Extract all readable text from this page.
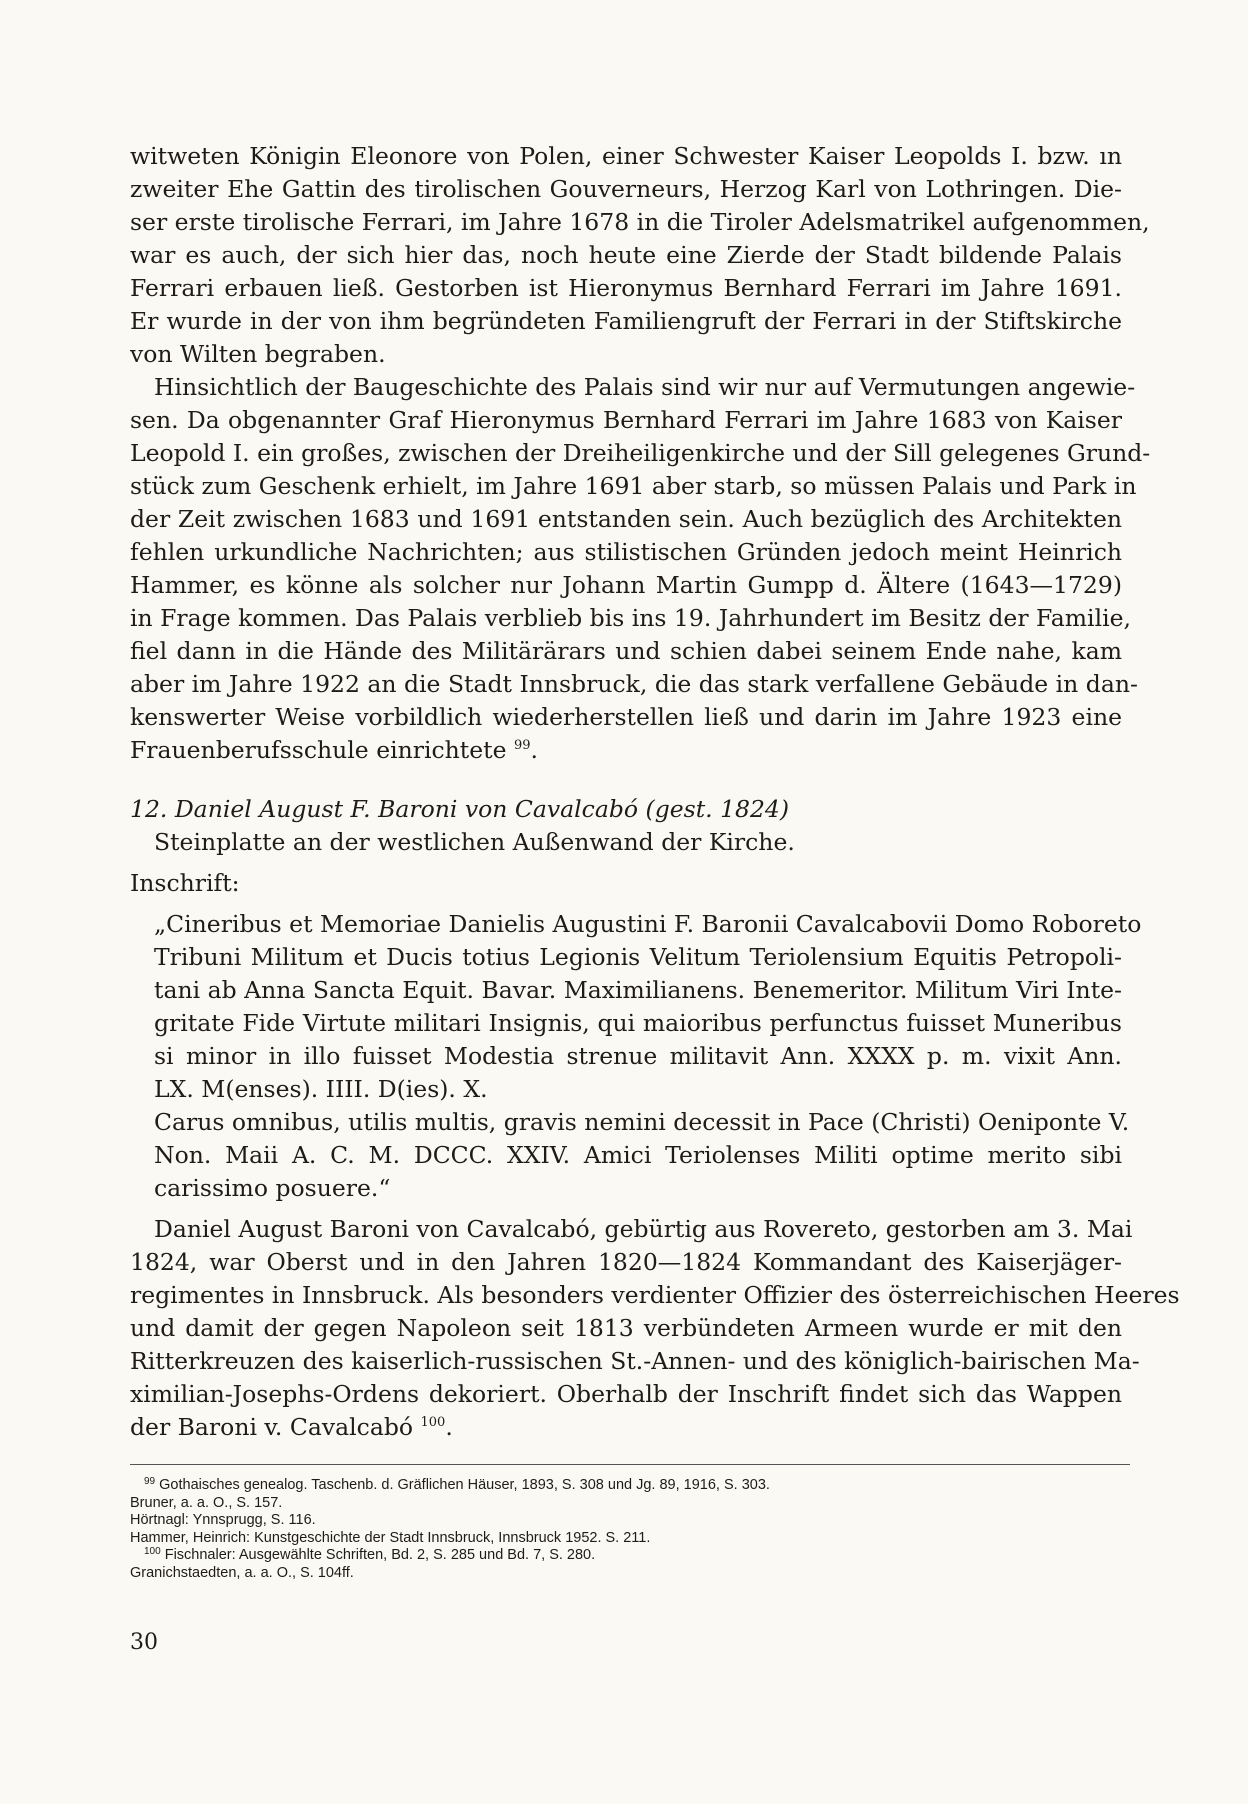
witweten Königin Eleonore von Polen, einer Schwester Kaiser Leopolds I. bzw. ın
zweiter Ehe Gattin des tirolischen Gouverneurs, Herzog Karl von Lothringen. Die-
ser erste tirolische Ferrari, im Jahre 1678 in die Tiroler Adelsmatrikel aufgenommen,
war es auch, der sich hier das, noch heute eine Zierde der Stadt bildende Palais
Ferrari erbauen ließ. Gestorben ist Hieronymus Bernhard Ferrari im Jahre 1691.
Er wurde in der von ihm begründeten Familiengruft der Ferrari in der Stiftskirche
von Wilten begraben.
Hinsichtlich der Baugeschichte des Palais sind wir nur auf Vermutungen angewie-
sen. Da obgenannter Graf Hieronymus Bernhard Ferrari im Jahre 1683 von Kaiser
Leopold I. ein großes, zwischen der Dreiheiligenkirche und der Sill gelegenes Grund-
stück zum Geschenk erhielt, im Jahre 1691 aber starb, so müssen Palais und Park in
der Zeit zwischen 1683 und 1691 entstanden sein. Auch bezüglich des Architekten
fehlen urkundliche Nachrichten; aus stilistischen Gründen jedoch meint Heinrich
Hammer, es könne als solcher nur Johann Martin Gumpp d. Ältere (1643—1729)
in Frage kommen. Das Palais verblieb bis ins 19. Jahrhundert im Besitz der Familie,
fiel dann in die Hände des Militärärars und schien dabei seinem Ende nahe, kam
aber im Jahre 1922 an die Stadt Innsbruck, die das stark verfallene Gebäude in dan-
kenswerter Weise vorbildlich wiederherstellen ließ und darin im Jahre 1923 eine
Frauenberufsschule einrichtete $^{99}$.
12. Daniel August F. Baroni von Cavalcabó (gest. 1824)
Steinplatte an der westlichen Außenwand der Kirche.
Inschrift:
„Cineribus et Memoriae Danielis Augustini F. Baronii Cavalcabovii Domo Roboreto
Tribuni Militum et Ducis totius Legionis Velitum Teriolensium Equitis Petropoli-
tani ab Anna Sancta Equit. Bavar. Maximilianens. Benemeritor. Militum Viri Inte-
gritate Fide Virtute militari Insignis, qui maioribus perfunctus fuisset Muneribus
si minor in illo fuisset Modestia strenue militavit Ann. XXXX p. m. vixit Ann.
LX. M(enses). IIII. D(ies). X.
Carus omnibus, utilis multis, gravis nemini decessit in Pace (Christi) Oeniponte V.
Non. Maii A. C. M. DCCC. XXIV. Amici Teriolenses Militi optime merito sibi
carissimo posuere.“
Daniel August Baroni von Cavalcabó, gebürtig aus Rovereto, gestorben am 3. Mai
1824, war Oberst und in den Jahren 1820—1824 Kommandant des Kaiserjäger-
regimentes in Innsbruck. Als besonders verdienter Offizier des österreichischen Heeres
und damit der gegen Napoleon seit 1813 verbündeten Armeen wurde er mit den
Ritterkreuzen des kaiserlich-russischen St.-Annen- und des königlich-bairischen Ma-
ximilian-Josephs-Ordens dekoriert. Oberhalb der Inschrift findet sich das Wappen
der Baroni v. Cavalcabó $^{100}$.
$^{99}$ Gothaisches genealog. Taschenb. d. Gräflichen Häuser, 1893, S. 308 und Jg. 89, 1916, S. 303.
Bruner, a. a. O., S. 157.
Hörtnagl: Ynnsprugg, S. 116.
Hammer, Heinrich: Kunstgeschichte der Stadt Innsbruck, Innsbruck 1952. S. 211.
$^{100}$ Fischnaler: Ausgewählte Schriften, Bd. 2, S. 285 und Bd. 7, S. 280.
Granichstaedten, a. a. O., S. 104ff.
30
